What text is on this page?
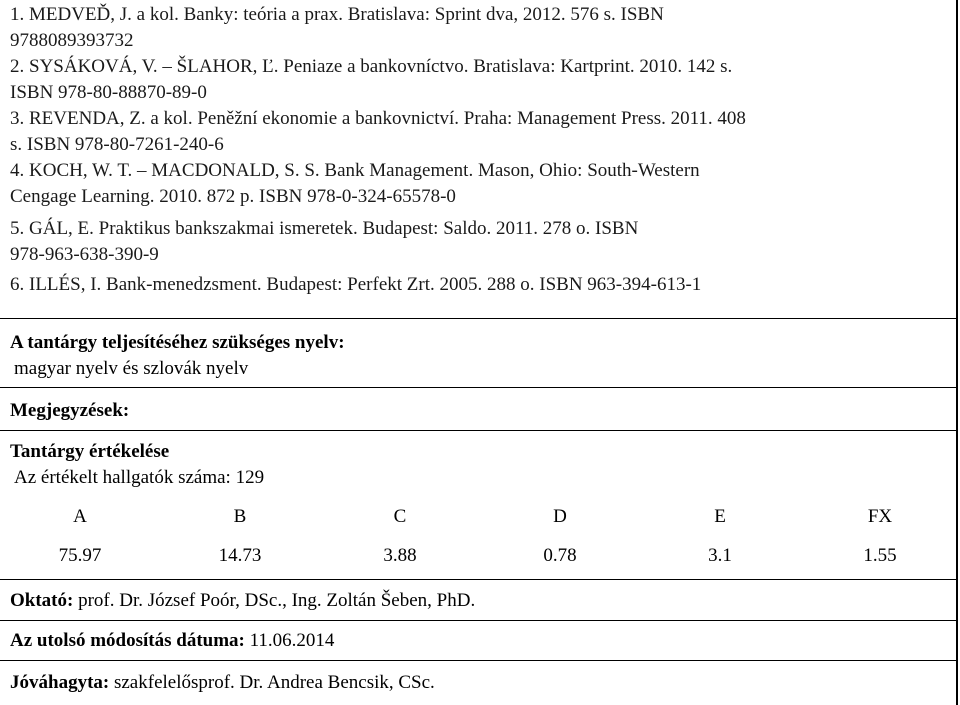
1. MEDVEĎ, J. a kol. Banky: teória a prax. Bratislava: Sprint dva, 2012. 576 s. ISBN
9788089393732
2. SYSÁKOVÁ, V. – ŠLAHOR, Ľ. Peniaze a bankovníctvo. Bratislava: Kartprint. 2010. 142 s.
ISBN 978-80-88870-89-0
3. REVENDA, Z. a kol. Peněžní ekonomie a bankovnictví. Praha: Management Press. 2011. 408
s. ISBN 978-80-7261-240-6
4. KOCH, W. T. – MACDONALD, S. S. Bank Management. Mason, Ohio: South-Western
Cengage Learning. 2010. 872 p. ISBN 978-0-324-65578-0
5. GÁL, E. Praktikus bankszakmai ismeretek. Budapest: Saldo. 2011. 278 o. ISBN
978-963-638-390-9
6. ILLÉS, I. Bank-menedzsment. Budapest: Perfekt Zrt. 2005. 288 o. ISBN 963-394-613-1
A tantárgy teljesítéséhez szükséges nyelv:
magyar nyelv és szlovák nyelv
Megjegyzések:
Tantárgy értékelése
Az értékelt hallgatók száma: 129
A	B	C	D	E	FX
75.97	14.73	3.88	0.78	3.1	1.55
Oktató: prof. Dr. József Poór, DSc., Ing. Zoltán Šeben, PhD.
Az utolsó módosítás dátuma: 11.06.2014
Jóváhagyta: szakfelelősprof. Dr. Andrea Bencsik, CSc.
